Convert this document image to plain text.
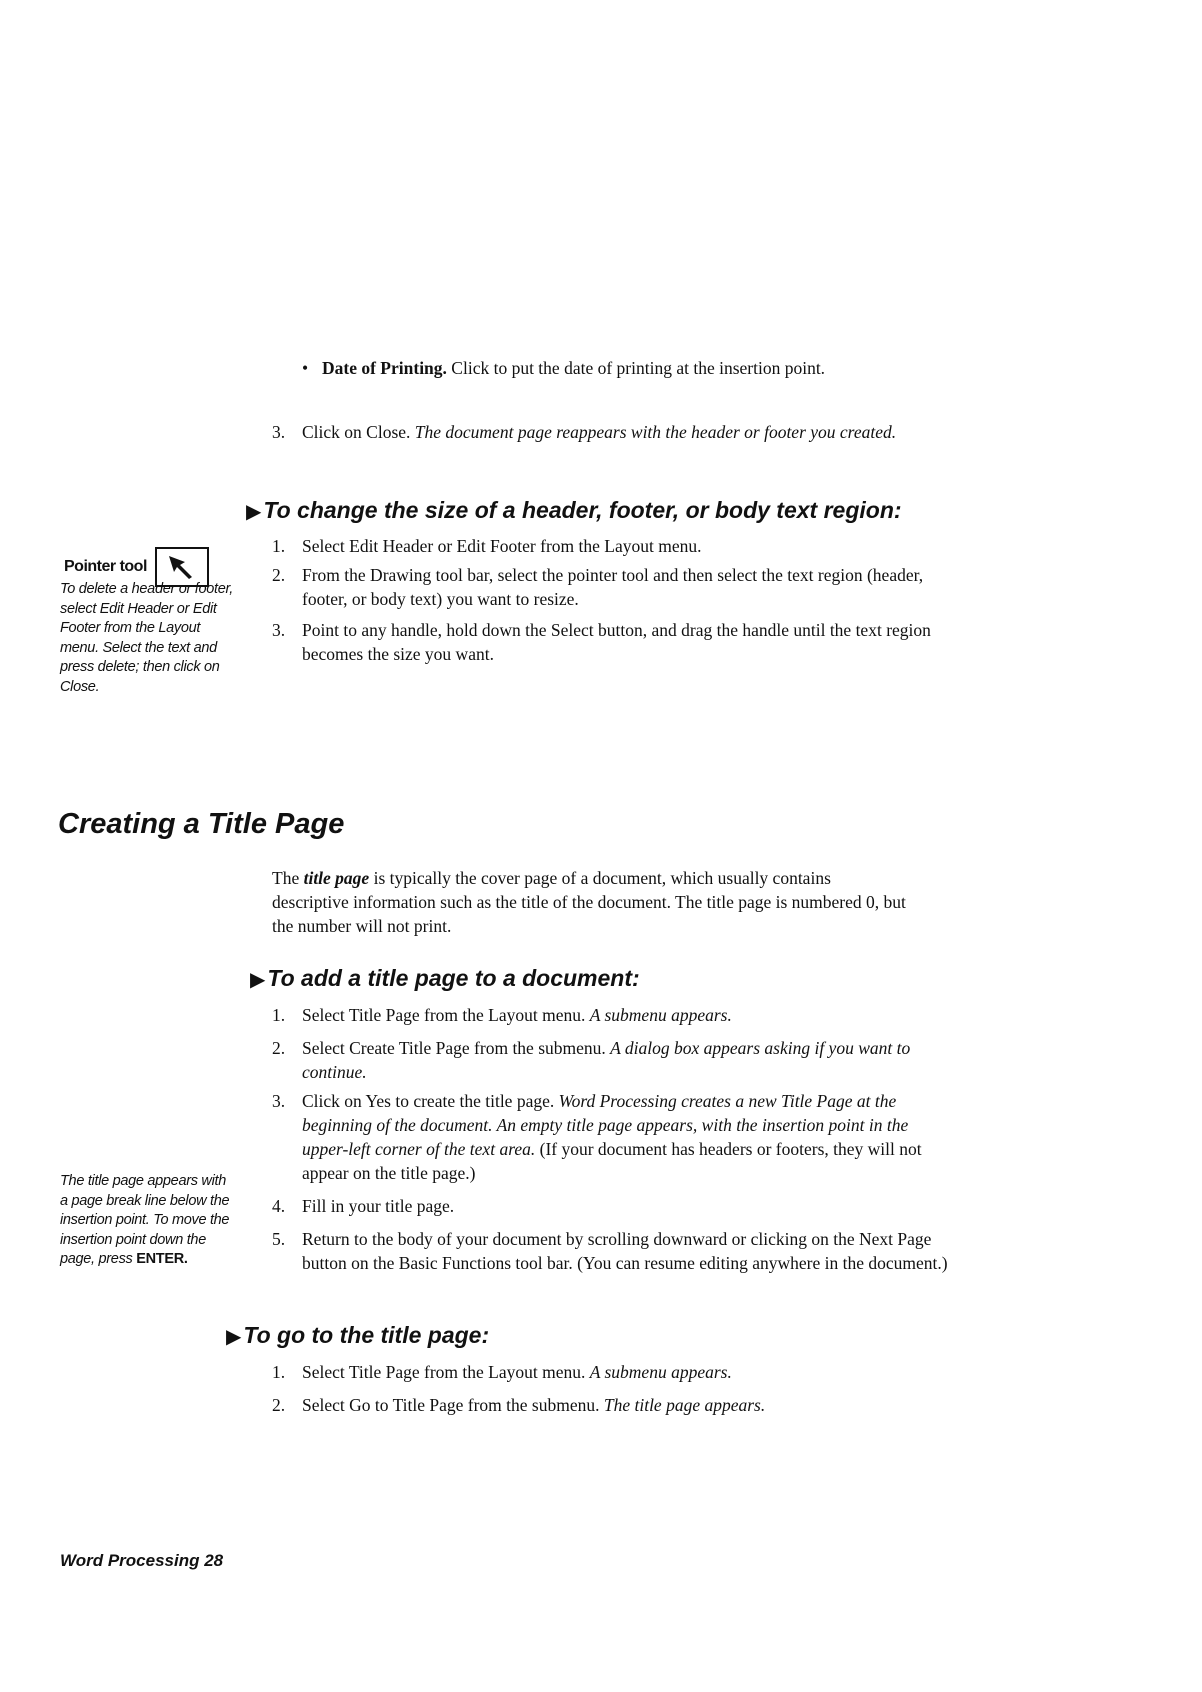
• Date of Printing. Click to put the date of printing at the insertion point.
3. Click on Close. The document page reappears with the header or footer you created.
▶To change the size of a header, footer, or body text region:
1. Select Edit Header or Edit Footer from the Layout menu.
2. From the Drawing tool bar, select the pointer tool and then select the text region (header, footer, or body text) you want to resize.
3. Point to any handle, hold down the Select button, and drag the handle until the text region becomes the size you want.
Pointer tool
To delete a header or footer, select Edit Header or Edit Footer from the Layout menu. Select the text and press delete; then click on Close.
Creating a Title Page
The title page is typically the cover page of a document, which usually contains descriptive information such as the title of the document. The title page is numbered 0, but the number will not print.
▶To add a title page to a document:
1. Select Title Page from the Layout menu. A submenu appears.
2. Select Create Title Page from the submenu. A dialog box appears asking if you want to continue.
3. Click on Yes to create the title page. Word Processing creates a new Title Page at the beginning of the document. An empty title page appears, with the insertion point in the upper-left corner of the text area. (If your document has headers or footers, they will not appear on the title page.)
4. Fill in your title page.
5. Return to the body of your document by scrolling downward or clicking on the Next Page button on the Basic Functions tool bar. (You can resume editing anywhere in the document.)
The title page appears with a page break line below the insertion point. To move the insertion point down the page, press ENTER.
▶To go to the title page:
1. Select Title Page from the Layout menu. A submenu appears.
2. Select Go to Title Page from the submenu. The title page appears.
Word Processing 28
